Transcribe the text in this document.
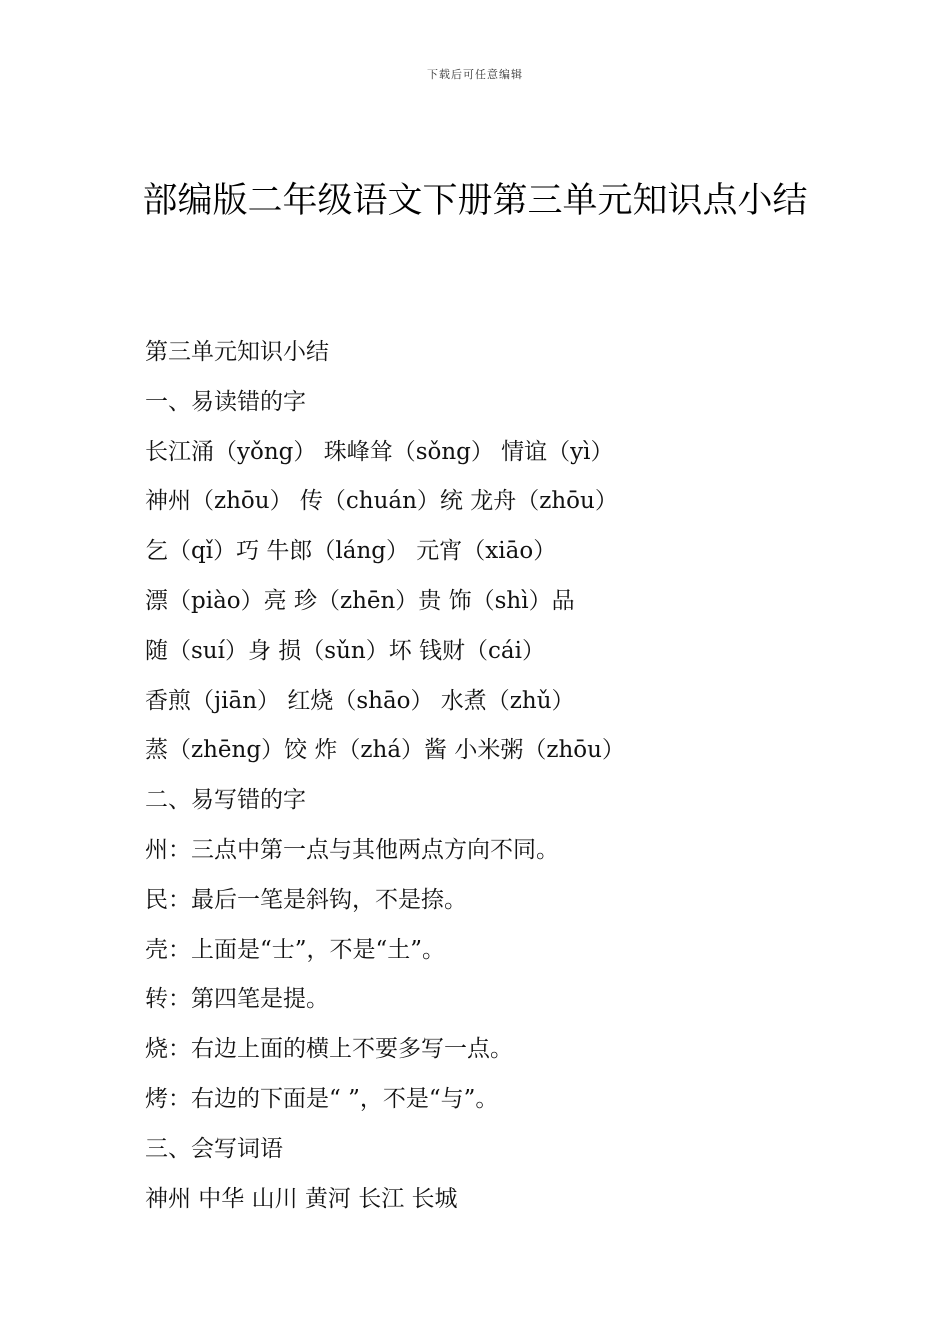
下载后可任意编辑
部编版二年级语文下册第三单元知识点小结
第三单元知识小结
一、易读错的字
长江涌（yǒng） 珠峰耸（sǒng） 情谊（yì）
神州（zhōu） 传（chuán）统 龙舟（zhōu）
乞（qǐ）巧 牛郎（láng） 元宵（xiāo）
漂（piào）亮 珍（zhēn）贵 饰（shì）品
随（suí）身 损（sǔn）坏 钱财（cái）
香煎（jiān） 红烧（shāo） 水煮（zhǔ）
蒸（zhēng）饺 炸（zhá）酱 小米粥（zhōu）
二、易写错的字
州：三点中第一点与其他两点方向不同。
民：最后一笔是斜钩，不是捺。
壳：上面是“士”，不是“土”。
转：第四笔是提。
烧：右边上面的横上不要多写一点。
烤：右边的下面是“ ”，不是“与”。
三、会写词语
神州 中华 山川 黄河 长江 长城
